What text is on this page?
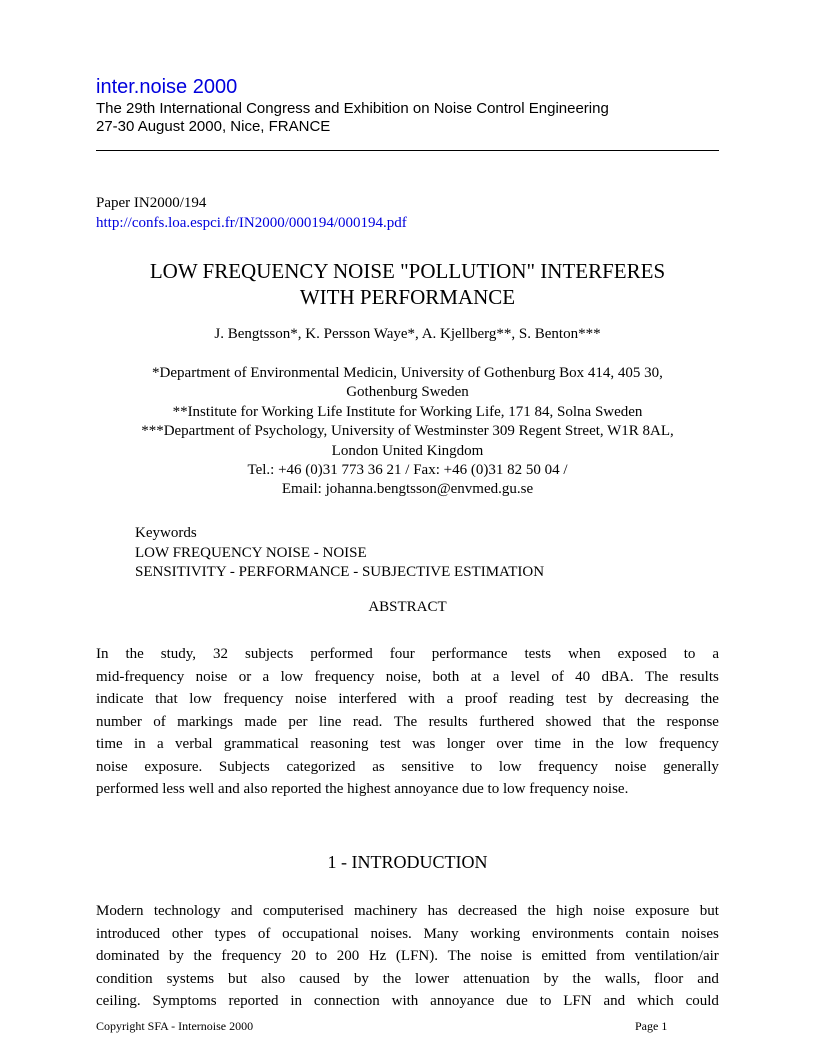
inter.noise 2000
The 29th International Congress and Exhibition on Noise Control Engineering
27-30 August 2000, Nice, FRANCE
Paper IN2000/194
http://confs.loa.espci.fr/IN2000/000194/000194.pdf
LOW FREQUENCY NOISE "POLLUTION" INTERFERES
WITH PERFORMANCE
J. Bengtsson*, K. Persson Waye*, A. Kjellberg**, S. Benton***
*Department of Environmental Medicin, University of Gothenburg Box 414, 405 30,
Gothenburg Sweden
**Institute for Working Life Institute for Working Life, 171 84, Solna Sweden
***Department of Psychology, University of Westminster 309 Regent Street, W1R 8AL,
London United Kingdom
Tel.: +46 (0)31 773 36 21 / Fax: +46 (0)31 82 50 04 /
Email: johanna.bengtsson@envmed.gu.se
Keywords
LOW FREQUENCY NOISE - NOISE
SENSITIVITY - PERFORMANCE - SUBJECTIVE ESTIMATION
ABSTRACT
In the study, 32 subjects performed four performance tests when exposed to a
mid-frequency noise or a low frequency noise, both at a level of 40 dBA. The results
indicate that low frequency noise interfered with a proof reading test by decreasing the
number of markings made per line read. The results furthered showed that the response
time in a verbal grammatical reasoning test was longer over time in the low frequency
noise exposure. Subjects categorized as sensitive to low frequency noise generally
performed less well and also reported the highest annoyance due to low frequency noise.
1 - INTRODUCTION
Modern technology and computerised machinery has decreased the high noise exposure but
introduced other types of occupational noises. Many working environments contain noises
dominated by the frequency 20 to 200 Hz (LFN). The noise is emitted from ventilation/air
condition systems but also caused by the lower attenuation by the walls, floor and
ceiling. Symptoms reported in connection with annoyance due to LFN and which could
Copyright SFA - Internoise 2000	Page 1
